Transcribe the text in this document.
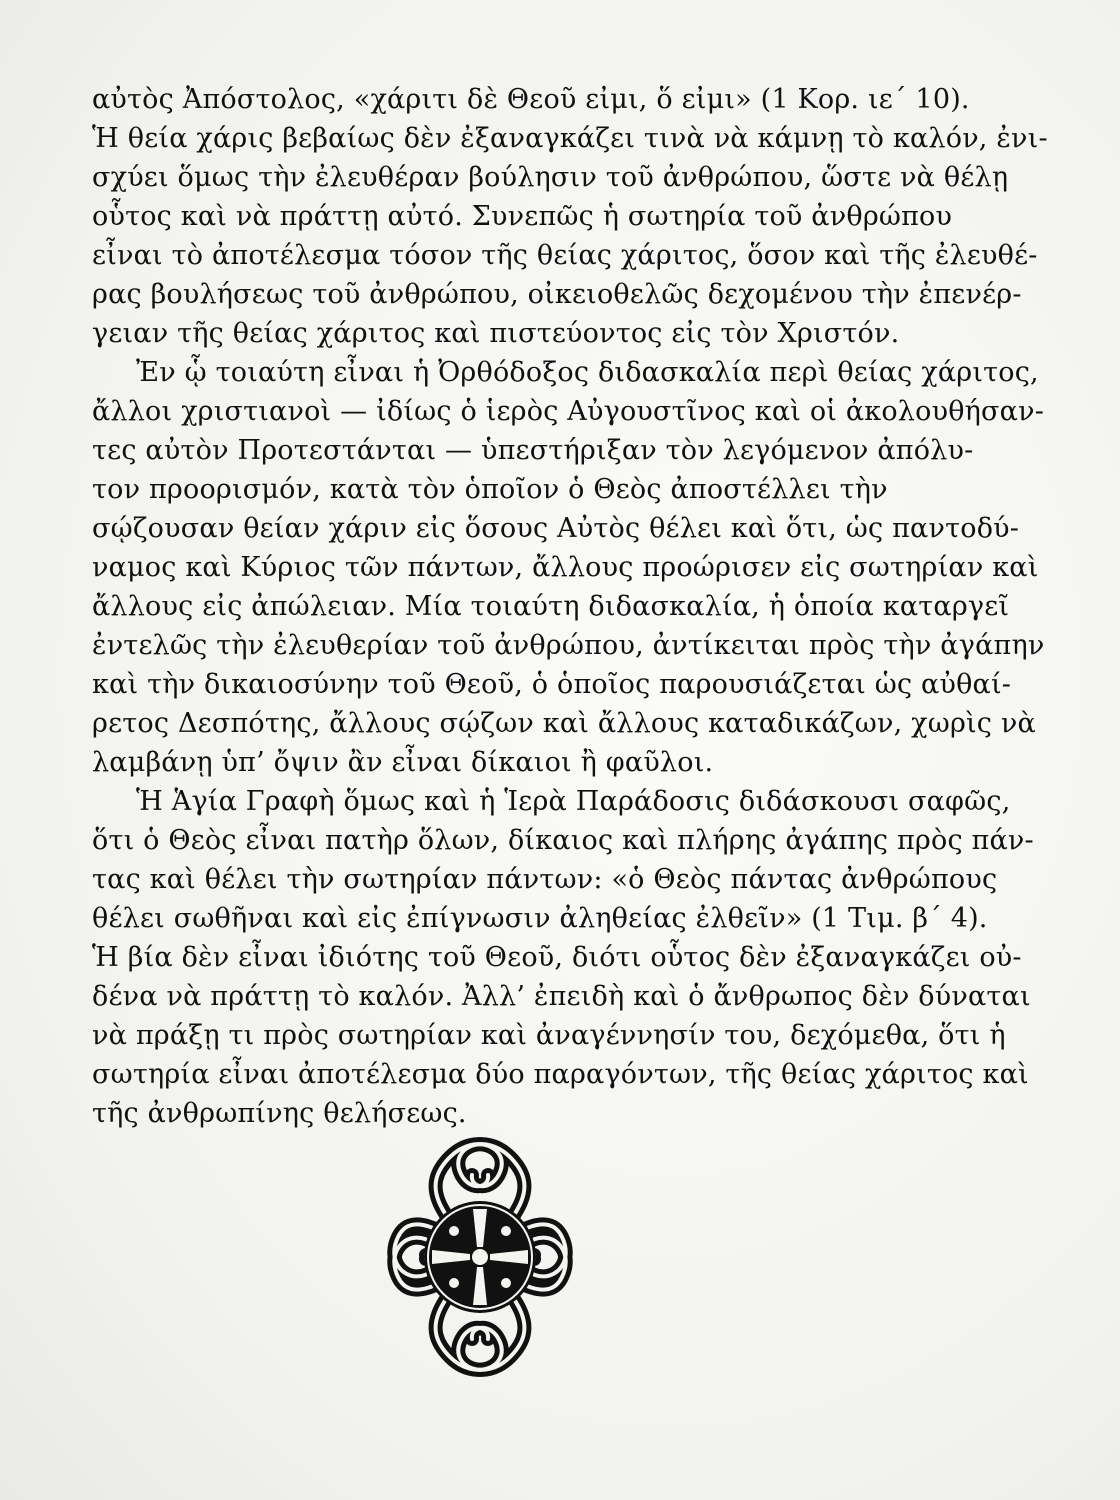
αὐτὸς Ἀπόστολος, «χάριτι δὲ Θεοῦ εἰμι, ὅ εἰμι» (1 Κορ. ιε΄ 10).
Ἡ θεία χάρις βεβαίως δὲν ἐξαναγκάζει τινὰ νὰ κάμνῃ τὸ καλόν, ἐνι-
σχύει ὅμως τὴν ἐλευθέραν βούλησιν τοῦ ἀνθρώπου, ὥστε νὰ θέλῃ
οὗτος καὶ νὰ πράττῃ αὐτό. Συνεπῶς ἡ σωτηρία τοῦ ἀνθρώπου
εἶναι τὸ ἀποτέλεσμα τόσον τῆς θείας χάριτος, ὅσον καὶ τῆς ἐλευθέ-
ρας βουλήσεως τοῦ ἀνθρώπου, οἰκειοθελῶς δεχομένου τὴν ἐπενέρ-
γειαν τῆς θείας χάριτος καὶ πιστεύοντος εἰς τὸν Χριστόν.
Ἐν ᾧ τοιαύτη εἶναι ἡ Ὀρθόδοξος διδασκαλία περὶ θείας χάριτος,
ἄλλοι χριστιανοὶ — ἰδίως ὁ ἱερὸς Αὐγουστῖνος καὶ οἱ ἀκολουθήσαν-
τες αὐτὸν Προτεστάνται — ὑπεστήριξαν τὸν λεγόμενον ἀπόλυ-
τον προορισμόν, κατὰ τὸν ὁποῖον ὁ Θεὸς ἀποστέλλει τὴν
σῴζουσαν θείαν χάριν εἰς ὅσους Αὐτὸς θέλει καὶ ὅτι, ὡς παντοδύ-
ναμος καὶ Κύριος τῶν πάντων, ἄλλους προώρισεν εἰς σωτηρίαν καὶ
ἄλλους εἰς ἀπώλειαν. Μία τοιαύτη διδασκαλία, ἡ ὁποία καταργεῖ
ἐντελῶς τὴν ἐλευθερίαν τοῦ ἀνθρώπου, ἀντίκειται πρὸς τὴν ἀγάπην
καὶ τὴν δικαιοσύνην τοῦ Θεοῦ, ὁ ὁποῖος παρουσιάζεται ὡς αὐθαί-
ρετος Δεσπότης, ἄλλους σῴζων καὶ ἄλλους καταδικάζων, χωρὶς νὰ
λαμβάνῃ ὑπ’ ὄψιν ἂν εἶναι δίκαιοι ἢ φαῦλοι.
Ἡ Ἁγία Γραφὴ ὅμως καὶ ἡ Ἱερὰ Παράδοσις διδάσκουσι σαφῶς,
ὅτι ὁ Θεὸς εἶναι πατὴρ ὅλων, δίκαιος καὶ πλήρης ἀγάπης πρὸς πάν-
τας καὶ θέλει τὴν σωτηρίαν πάντων: «ὁ Θεὸς πάντας ἀνθρώπους
θέλει σωθῆναι καὶ εἰς ἐπίγνωσιν ἀληθείας ἐλθεῖν» (1 Τιμ. β΄ 4).
Ἡ βία δὲν εἶναι ἰδιότης τοῦ Θεοῦ, διότι οὗτος δὲν ἐξαναγκάζει οὐ-
δένα νὰ πράττῃ τὸ καλόν. Ἀλλ’ ἐπειδὴ καὶ ὁ ἄνθρωπος δὲν δύναται
νὰ πράξῃ τι πρὸς σωτηρίαν καὶ ἀναγέννησίν του, δεχόμεθα, ὅτι ἡ
σωτηρία εἶναι ἀποτέλεσμα δύο παραγόντων, τῆς θείας χάριτος καὶ
τῆς ἀνθρωπίνης θελήσεως.
